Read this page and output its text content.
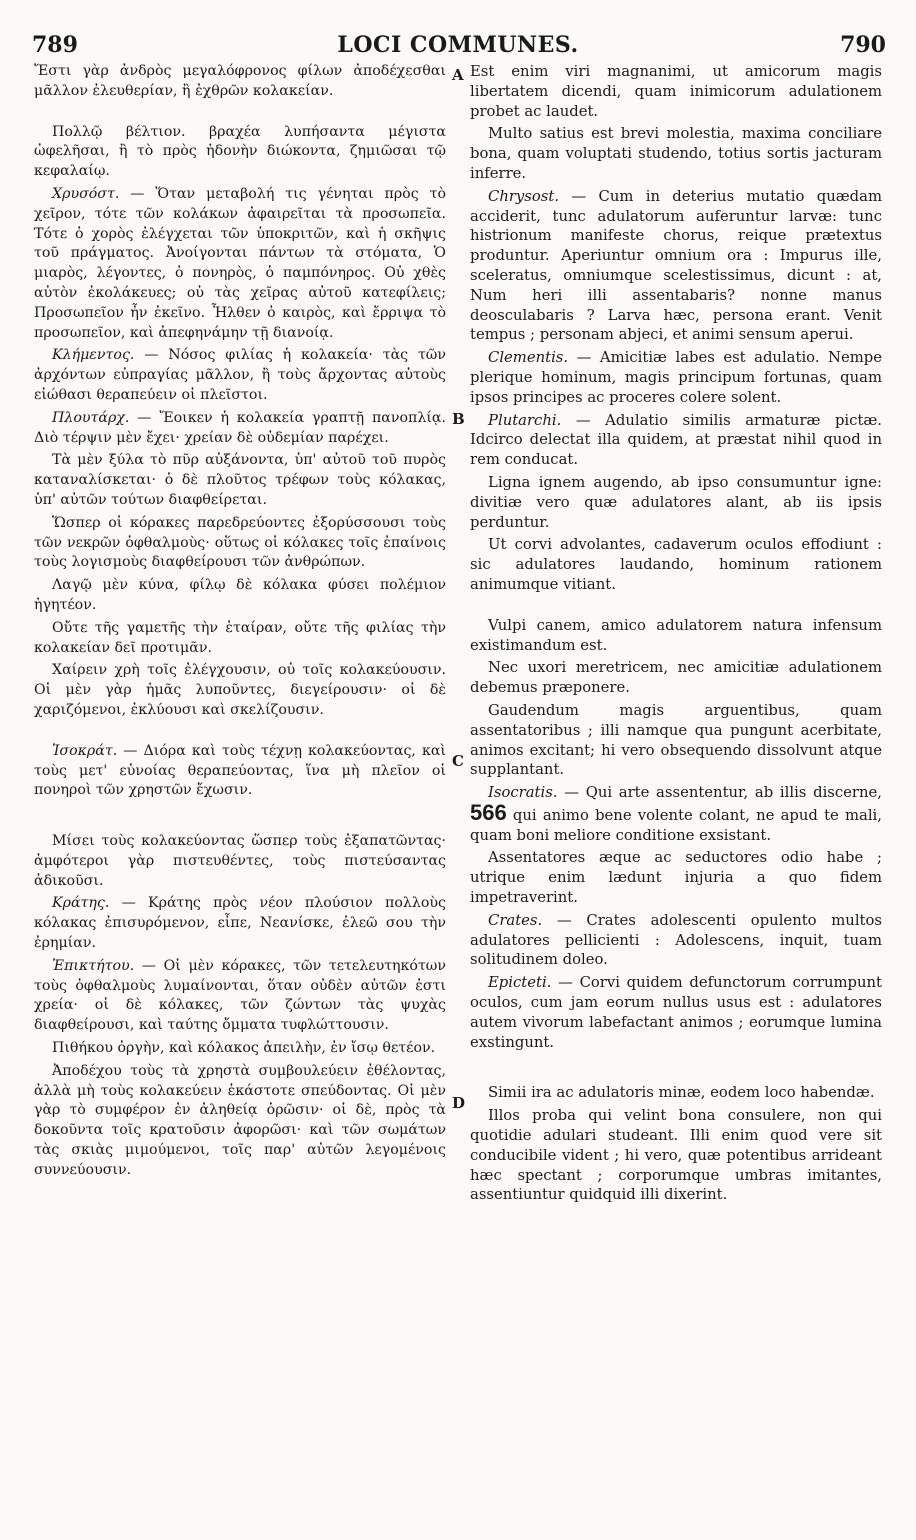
789	LOCI COMMUNES.	790
A
B
C
D

Ἔστι γὰρ ἀνδρὸς μεγαλόφρονος φίλων ἀποδέχεσθαι μᾶλλον ἐλευθερίαν, ἢ ἐχθρῶν κολακείαν.

Πολλῷ βέλτιον. βραχέα λυπήσαντα μέγιστα ὠφελῆσαι, ἢ τὸ πρὸς ἡδονὴν διώκοντα, ζημιῶσαι τῷ κεφαλαίῳ.

Χρυσόστ. — Ὅταν μεταβολή τις γένηται πρὸς τὸ χεῖρον, τότε τῶν κολάκων ἀφαιρεῖται τὰ προσωπεῖα. Τότε ὁ χορὸς ἐλέγχεται τῶν ὑποκριτῶν, καὶ ἡ σκῆψις τοῦ πράγματος. Ἀνοίγονται πάντων τὰ στόματα, Ὁ μιαρὸς, λέγοντες, ὁ πονηρὸς, ὁ παμπόνηρος. Οὐ χθὲς αὐτὸν ἐκολάκευες; οὐ τὰς χεῖρας αὐτοῦ κατεφίλεις; Προσωπεῖον ἦν ἐκεῖνο. Ἦλθεν ὁ καιρὸς, καὶ ἔρριψα τὸ προσωπεῖον, καὶ ἀπεφηνάμην τῇ διανοίᾳ.

Κλήμεντος. — Νόσος φιλίας ἡ κολακεία· τὰς τῶν ἀρχόντων εὐπραγίας μᾶλλον, ἢ τοὺς ἄρχοντας αὐτοὺς εἰώθασι θεραπεύειν οἱ πλεῖστοι.

Πλουτάρχ. — Ἔοικεν ἡ κολακεία γραπτῇ πανοπλίᾳ. Διὸ τέρψιν μὲν ἔχει· χρείαν δὲ οὐδεμίαν παρέχει.

Τὰ μὲν ξύλα τὸ πῦρ αὐξάνοντα, ὑπ' αὐτοῦ τοῦ πυρὸς καταναλίσκεται· ὁ δὲ πλοῦτος τρέφων τοὺς κόλακας, ὑπ' αὐτῶν τούτων διαφθείρεται.

Ὥσπερ οἱ κόρακες παρεδρεύοντες ἐξορύσσουσι τοὺς τῶν νεκρῶν ὀφθαλμοὺς· οὕτως οἱ κόλακες τοῖς ἐπαίνοις τοὺς λογισμοὺς διαφθείρουσι τῶν ἀνθρώπων.

Λαγῷ μὲν κύνα, φίλῳ δὲ κόλακα φύσει πολέμιον ἡγητέον.

Οὔτε τῆς γαμετῆς τὴν ἑταίραν, οὔτε τῆς φιλίας τὴν κολακείαν δεῖ προτιμᾶν.

Χαίρειν χρὴ τοῖς ἐλέγχουσιν, οὐ τοῖς κολακεύουσιν. Οἱ μὲν γὰρ ἡμᾶς λυποῦντες, διεγείρουσιν· οἱ δὲ χαριζόμενοι, ἐκλύουσι καὶ σκελίζουσιν.

Ἰσοκράτ. — Διόρα καὶ τοὺς τέχνῃ κολακεύοντας, καὶ τοὺς μετ' εὐνοίας θεραπεύοντας, ἵνα μὴ πλεῖον οἱ πονηροὶ τῶν χρηστῶν ἔχωσιν.

Μίσει τοὺς κολακεύοντας ὥσπερ τοὺς ἐξαπατῶντας· ἀμφότεροι γὰρ πιστευθέντες, τοὺς πιστεύσαντας ἀδικοῦσι.

Κράτης. — Κράτης πρὸς νέον πλούσιον πολλοὺς κόλακας ἐπισυρόμενον, εἶπε, Νεανίσκε, ἐλεῶ σου τὴν ἐρημίαν.

Ἐπικτήτου. — Οἱ μὲν κόρακες, τῶν τετελευτηκότων τοὺς ὀφθαλμοὺς λυμαίνονται, ὅταν οὐδὲν αὐτῶν ἐστι χρεία· οἱ δὲ κόλακες, τῶν ζώντων τὰς ψυχὰς διαφθείρουσι, καὶ ταύτης ὄμματα τυφλώττουσιν.

Πιθήκου ὀργὴν, καὶ κόλακος ἀπειλὴν, ἐν ἴσῳ θετέον.

Ἀποδέχου τοὺς τὰ χρηστὰ συμβουλεύειν ἐθέλοντας, ἀλλὰ μὴ τοὺς κολακεύειν ἑκάστοτε σπεύδοντας. Οἱ μὲν γὰρ τὸ συμφέρον ἐν ἀληθείᾳ ὁρῶσιν· οἱ δὲ, πρὸς τὰ δοκοῦντα τοῖς κρατοῦσιν ἀφορῶσι· καὶ τῶν σωμάτων τὰς σκιὰς μιμούμενοι, τοῖς παρ' αὐτῶν λεγομένοις συννεύουσιν.

Est enim viri magnanimi, ut amicorum magis libertatem dicendi, quam inimicorum adulationem probet ac laudet.

Multo satius est brevi molestia, maxima conciliare bona, quam voluptati studendo, totius sortis jacturam inferre.

Chrysost. — Cum in deterius mutatio quædam acciderit, tunc adulatorum auferuntur larvæ: tunc histrionum manifeste chorus, reique prætextus produntur. Aperiuntur omnium ora : Impurus ille, sceleratus, omniumque scelestissimus, dicunt : at, Num heri illi assentabaris? nonne manus deosculabaris ? Larva hæc, persona erant. Venit tempus ; personam abjeci, et animi sensum aperui.

Clementis. — Amicitiæ labes est adulatio. Nempe plerique hominum, magis principum fortunas, quam ipsos principes ac proceres colere solent.

Plutarchi. — Adulatio similis armaturæ pictæ. Idcirco delectat illa quidem, at præstat nihil quod in rem conducat.

Ligna ignem augendo, ab ipso consumuntur igne: divitiæ vero quæ adulatores alant, ab iis ipsis perduntur.

Ut corvi advolantes, cadaverum oculos effodiunt : sic adulatores laudando, hominum rationem animumque vitiant.

Vulpi canem, amico adulatorem natura infensum existimandum est.

Nec uxori meretricem, nec amicitiæ adulationem debemus præponere.

Gaudendum magis arguentibus, quam assentatoribus ; illi namque qua pungunt acerbitate, animos excitant; hi vero obsequendo dissolvunt atque supplantant.

Isocratis. — Qui arte assententur, ab illis discerne, 566 qui animo bene volente colant, ne apud te mali, quam boni meliore conditione exsistant.

Assentatores æque ac seductores odio habe ; utrique enim lædunt injuria a quo fidem impetraverint.

Crates. — Crates adolescenti opulento multos adulatores pellicienti : Adolescens, inquit, tuam solitudinem doleo.

Epicteti. — Corvi quidem defunctorum corrumpunt oculos, cum jam eorum nullus usus est : adulatores autem vivorum labefactant animos ; eorumque lumina exstingunt.

Simii ira ac adulatoris minæ, eodem loco habendæ.

Illos proba qui velint bona consulere, non qui quotidie adulari studeant. Illi enim quod vere sit conducibile vident ; hi vero, quæ potentibus arrideant hæc spectant ; corporumque umbras imitantes, assentiuntur quidquid illi dixerint.
